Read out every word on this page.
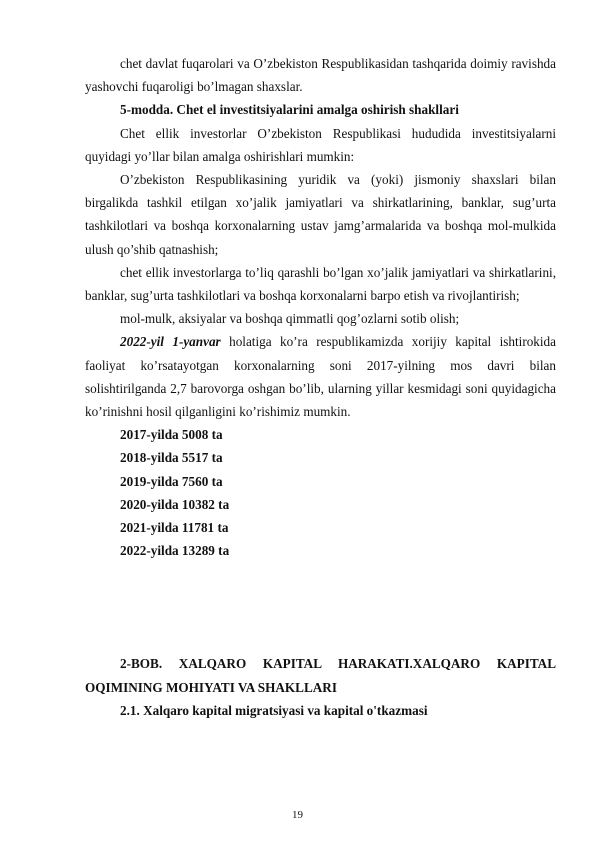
chet davlat fuqarolari va O’zbekiston Respublikasidan tashqarida doimiy ravishda yashovchi fuqaroligi bo’lmagan shaxslar.

5-modda. Chet el investitsiyalarini amalga oshirish shakllari

Chet ellik investorlar O’zbekiston Respublikasi hududida investitsiyalarni quyidagi yo’llar bilan amalga oshirishlari mumkin:

O’zbekiston Respublikasining yuridik va (yoki) jismoniy shaxslari bilan birgalikda tashkil etilgan xo’jalik jamiyatlari va shirkatlarining, banklar, sug’urta tashkilotlari va boshqa korxonalarning ustav jamg’armalarida va boshqa mol-mulkida ulush qo’shib qatnashish;

chet ellik investorlarga to’liq qarashli bo’lgan xo’jalik jamiyatlari va shirkatlarini, banklar, sug’urta tashkilotlari va boshqa korxonalarni barpo etish va rivojlantirish;

mol-mulk, aksiyalar va boshqa qimmatli qog’ozlarni sotib olish;

2022-yil 1-yanvar holatiga ko’ra respublikamizda xorijiy kapital ishtirokida faoliyat ko’rsatayotgan korxonalarning soni 2017-yilning mos davri bilan solishtirilganda 2,7 barovorga oshgan bo’lib, ularning yillar kesmidagi soni quyidagicha ko’rinishni hosil qilganligini ko’rishimiz mumkin.

2017-yilda 5008 ta
2018-yilda 5517 ta
2019-yilda 7560 ta
2020-yilda 10382 ta
2021-yilda 11781 ta
2022-yilda 13289 ta

2-BOB. XALQARO KAPITAL HARAKATI.XALQARO KAPITAL OQIMINING MOHIYATI VA SHAKLLARI

2.1. Xalqaro kapital migratsiyasi va kapital o'tkazmasi

19
